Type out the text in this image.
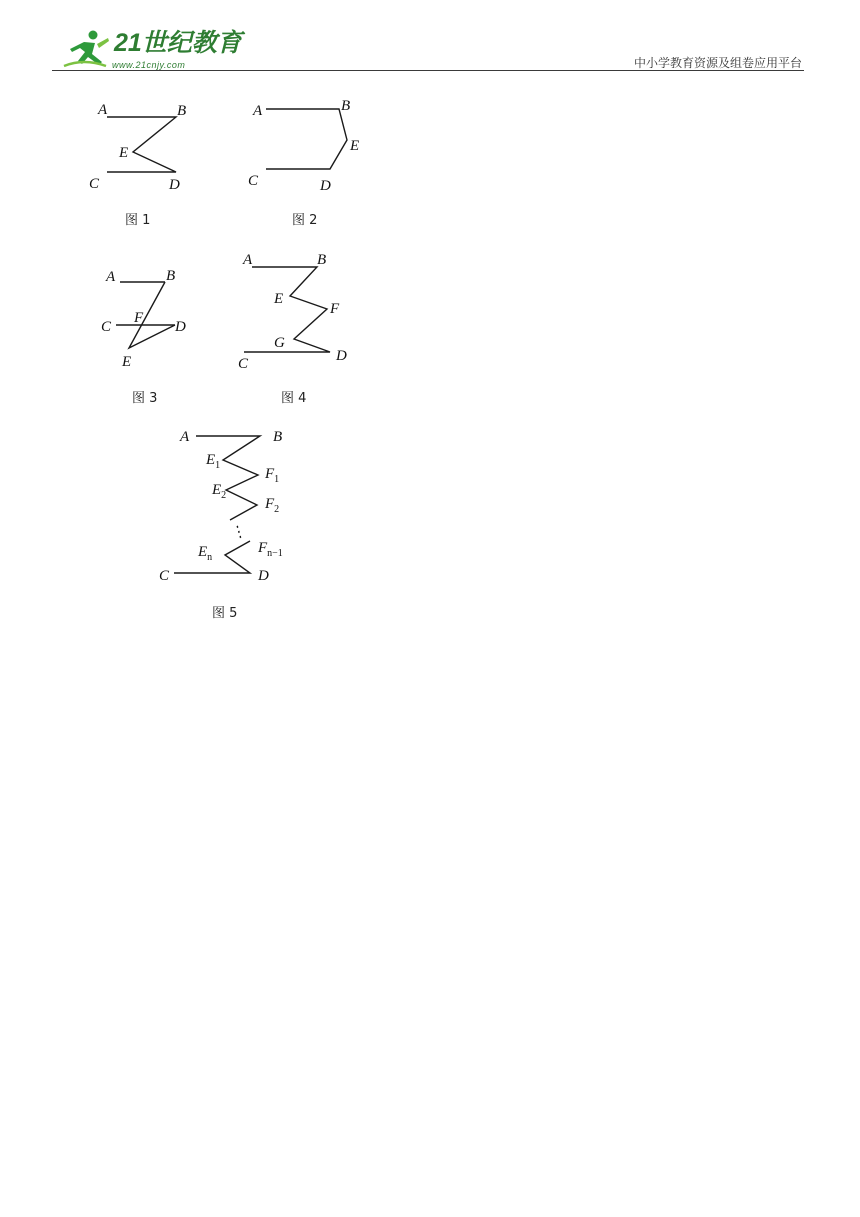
21世纪教育
www.21cnjy.com	中小学教育资源及组卷应用平台
A	B
E
C	D
图 1
A	B
E
C	D
图 2
A	B
C
F
D
E
图 3
A	B
E
F
G
C	D
图 4
A	B
$E_1$
$F_1$
$E_2$
$F_2$
⋮
$E_n$
$F_{n-1}$
C	D
图 5
